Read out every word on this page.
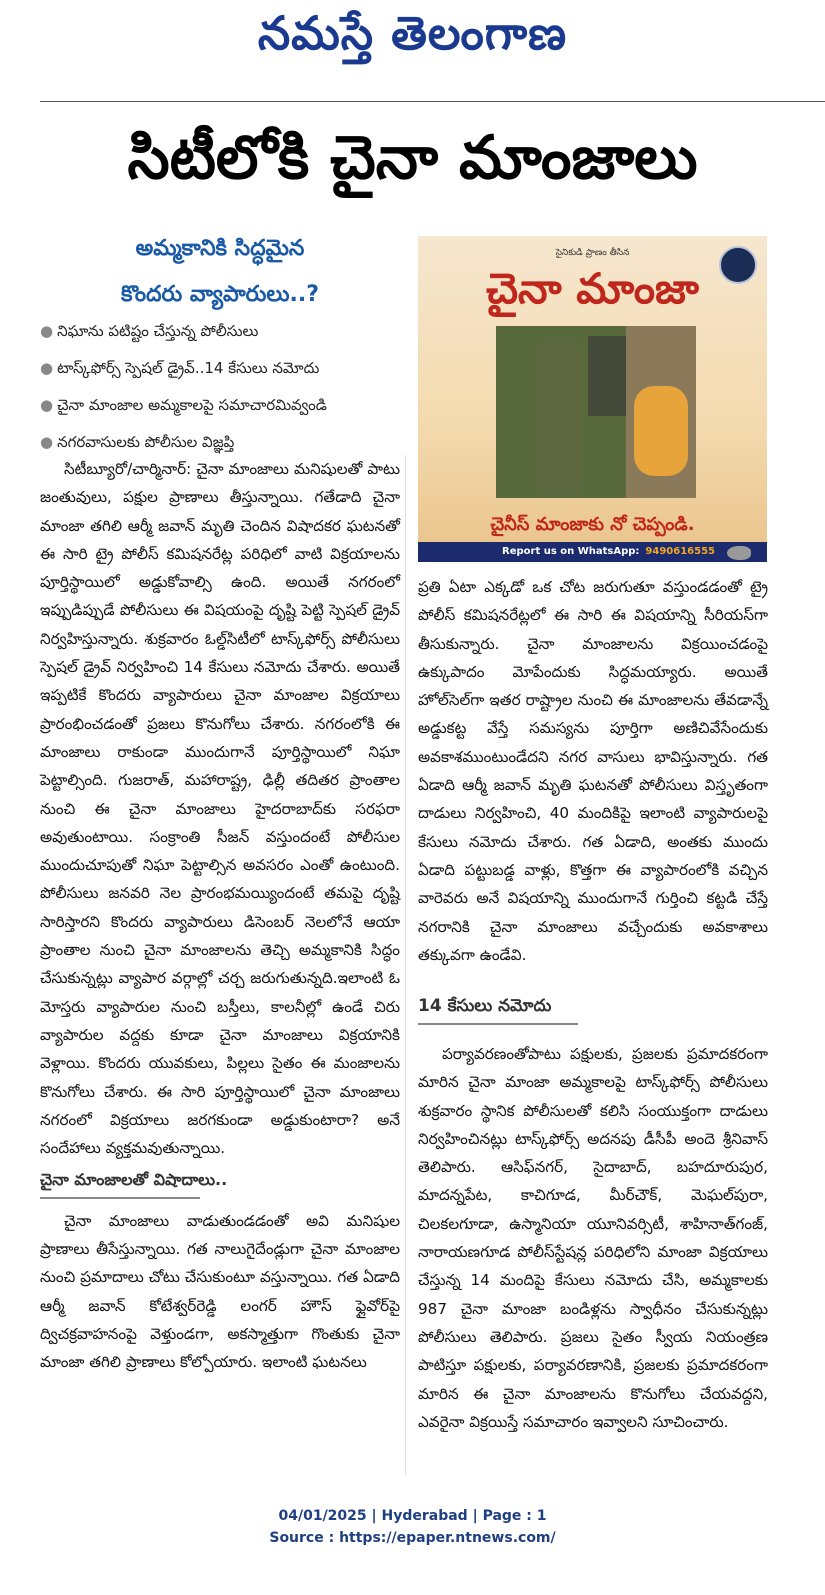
నమస్తే తెలంగాణ
సిటీలోకి చైనా మాంజాలు
అమ్మకానికి సిద్ధమైన
కొందరు వ్యాపారులు..?
● నిఘాను పటిష్టం చేస్తున్న పోలీసులు
● టాస్క్‌ఫోర్స్ స్పెషల్ డ్రైవ్..14 కేసులు నమోదు
● చైనా మాంజాల అమ్మకాలపై సమాచారమివ్వండి
● నగరవాసులకు పోలీసుల విజ్ఞప్తి

సిటీబ్యూరో/చార్మినార్: చైనా మాంజాలు మనిషులతో పాటు జంతువులు, పక్షుల ప్రాణాలు తీస్తున్నాయి. గతేడాది చైనా మాంజా తగిలి ఆర్మీ జవాన్ మృతి చెందిన విషాదకర ఘటనతో ఈ సారి ట్రై పోలీస్ కమిషనరేట్ల పరిధిలో వాటి విక్రయాలను పూర్తిస్థాయిలో అడ్డుకోవాల్సి ఉంది. అయితే నగరంలో ఇప్పుడిప్పుడే పోలీసులు ఈ విషయంపై దృష్టి పెట్టి స్పెషల్ డ్రైవ్ నిర్వహిస్తున్నారు. శుక్రవారం ఓల్డ్‌సిటీలో టాస్క్‌ఫోర్స్ పోలీసులు స్పెషల్ డ్రైవ్ నిర్వహించి 14 కేసులు నమోదు చేశారు. అయితే ఇప్పటికే కొందరు వ్యాపారులు చైనా మాంజాల విక్రయాలు ప్రారంభించడంతో ప్రజలు కొనుగోలు చేశారు. నగరంలోకి ఈ మాంజాలు రాకుండా ముందుగానే పూర్తిస్థాయిలో నిఘా పెట్టాల్సింది. గుజరాత్, మహారాష్ట్ర, ఢిల్లీ తదితర ప్రాంతాల నుంచి ఈ చైనా మాంజాలు హైదరాబాద్‌కు సరఫరా అవుతుంటాయి. సంక్రాంతి సీజన్ వస్తుందంటే పోలీసుల ముందుచూపుతో నిఘా పెట్టాల్సిన అవసరం ఎంతో ఉంటుంది. పోలీసులు జనవరి నెల ప్రారంభమయ్యిందంటే తమపై దృష్టి సారిస్తారని కొందరు వ్యాపారులు డిసెంబర్ నెలలోనే ఆయా ప్రాంతాల నుంచి చైనా మాంజాలను తెచ్చి అమ్మకానికి సిద్ధం చేసుకున్నట్లు వ్యాపార వర్గాల్లో చర్చ జరుగుతున్నది.ఇలాంటి ఓ మోస్తరు వ్యాపారుల నుంచి బస్తీలు, కాలనీల్లో ఉండే చిరు వ్యాపారుల వద్దకు కూడా చైనా మాంజాలు విక్రయానికి వెళ్లాయి. కొందరు యువకులు, పిల్లలు సైతం ఈ మంజాలను కొనుగోలు చేశారు. ఈ సారి పూర్తిస్థాయిలో చైనా మాంజాలు నగరంలో విక్రయాలు జరగకుండా అడ్డుకుంటారా? అనే సందేహాలు వ్యక్తమవుతున్నాయి.

చైనా మాంజాలతో విషాదాలు..

చైనా మాంజాలు వాడుతుండడంతో అవి మనిషుల ప్రాణాలు తీసేస్తున్నాయి. గత నాలుగైదేండ్లుగా చైనా మాంజాల నుంచి ప్రమాదాలు చోటు చేసుకుంటూ వస్తున్నాయి. గత ఏడాది ఆర్మీ జవాన్ కోటేశ్వర్‌రెడ్డి లంగర్ హౌస్ ఫ్లైవోర్‌పై ద్విచక్రవాహనంపై వెళ్తుండగా, అకస్మాత్తుగా గొంతుకు చైనా మాంజా తగిలి ప్రాణాలు కోల్పోయారు. ఇలాంటి ఘటనలు

సైనికుడి ప్రాణం తీసిన
చైనా మాంజా
చైనీస్ మాంజాకు నో చెప్పండి.
Report us on WhatsApp: 9490616555

ప్రతి ఏటా ఎక్కడో ఒక చోట జరుగుతూ వస్తుండడంతో ట్రై పోలీస్ కమిషనరేట్లలో ఈ సారి ఈ విషయాన్ని సీరియస్‌గా తీసుకున్నారు. చైనా మాంజాలను విక్రయించడంపై ఉక్కుపాదం మోపేందుకు సిద్ధమయ్యారు. అయితే హోల్‌సెల్‌గా ఇతర రాష్ట్రాల నుంచి ఈ మాంజాలను తేవడాన్నే అడ్డుకట్ట వేస్తే సమస్యను పూర్తిగా అణిచివేసేందుకు అవకాశముంటుండేదని నగర వాసులు భావిస్తున్నారు. గత ఏడాది ఆర్మీ జవాన్ మృతి ఘటనతో పోలీసులు విస్తృతంగా దాడులు నిర్వహించి, 40 మందికిపై ఇలాంటి వ్యాపారులపై కేసులు నమోదు చేశారు. గత ఏడాది, అంతకు ముందు ఏడాది పట్టుబడ్డ వాళ్లు, కొత్తగా ఈ వ్యాపారంలోకి వచ్చిన వారెవరు అనే విషయాన్ని ముందుగానే గుర్తించి కట్టడి చేస్తే నగరానికి చైనా మాంజాలు వచ్చేందుకు అవకాశాలు తక్కువగా ఉండేవి.

14 కేసులు నమోదు

పర్యావరణంతోపాటు పక్షులకు, ప్రజలకు ప్రమాదకరంగా మారిన చైనా మాంజా అమ్మకాలపై టాస్క్‌ఫోర్స్ పోలీసులు శుక్రవారం స్థానిక పోలీసులతో కలిసి సంయుక్తంగా దాడులు నిర్వహించినట్లు టాస్క్‌ఫోర్స్ అదనపు డీసీపీ అందె శ్రీనివాస్ తెలిపారు. ఆసిఫ్‌నగర్, సైదాబాద్, బహదూరుపుర, మాదన్నపేట, కాచిగూడ, మీర్‌చౌక్, మెఘల్‌పురా, చిలకలగూడా, ఉస్మానియా యూనివర్సిటీ, శాహినాత్‌గంజ్, నారాయణగూడ పోలీస్‌స్టేషన్ల పరిధిలోని మాంజా విక్రయాలు చేస్తున్న 14 మందిపై కేసులు నమోదు చేసి, అమ్మకాలకు 987 చైనా మాంజా బండిళ్లను స్వాధీనం చేసుకున్నట్లు పోలీసులు తెలిపారు. ప్రజలు సైతం స్వీయ నియంత్రణ పాటిస్తూ పక్షులకు, పర్యావరణానికి, ప్రజలకు ప్రమాదకరంగా మారిన ఈ చైనా మాంజాలను కొనుగోలు చేయవద్దని, ఎవరైనా విక్రయిస్తే సమాచారం ఇవ్వాలని సూచించారు.

04/01/2025 | Hyderabad | Page : 1
Source : https://epaper.ntnews.com/
